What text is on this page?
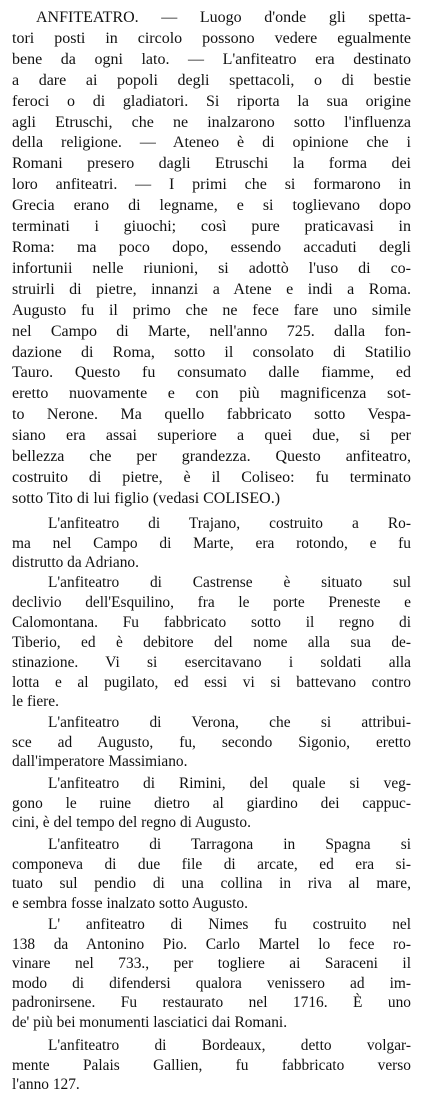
ANFITEATRO. — Luogo d'onde gli spetta-
tori posti in circolo possono vedere egualmente
bene da ogni lato. — L'anfiteatro era destinato
a dare ai popoli degli spettacoli, o di bestie
feroci o di gladiatori. Si riporta la sua origine
agli Etruschi, che ne inalzarono sotto l'influenza
della religione. — Ateneo è di opinione che i
Romani presero dagli Etruschi la forma dei
loro anfiteatri. — I primi che si formarono in
Grecia erano di legname, e si toglievano dopo
terminati i giuochi; così pure praticavasi in
Roma: ma poco dopo, essendo accaduti degli
infortunii nelle riunioni, si adottò l'uso di co-
struirli di pietre, innanzi a Atene e indi a Roma.
Augusto fu il primo che ne fece fare uno simile
nel Campo di Marte, nell'anno 725. dalla fon-
dazione di Roma, sotto il consolato di Statilio
Tauro. Questo fu consumato dalle fiamme, ed
eretto nuovamente e con più magnificenza sot-
to Nerone. Ma quello fabbricato sotto Vespa-
siano era assai superiore a quei due, si per
bellezza che per grandezza. Questo anfiteatro,
costruito di pietre, è il Coliseo: fu terminato
sotto Tito di lui figlio (vedasi COLISEO.)
L'anfiteatro di Trajano, costruito a Ro-
ma nel Campo di Marte, era rotondo, e fu
distrutto da Adriano.
L'anfiteatro di Castrense è situato sul
declivio dell'Esquilino, fra le porte Preneste e
Calomontana. Fu fabbricato sotto il regno di
Tiberio, ed è debitore del nome alla sua de-
stinazione. Vi si esercitavano i soldati alla
lotta e al pugilato, ed essi vi si battevano contro
le fiere.
L'anfiteatro di Verona, che si attribui-
sce ad Augusto, fu, secondo Sigonio, eretto
dall'imperatore Massimiano.
L'anfiteatro di Rimini, del quale si veg-
gono le ruine dietro al giardino dei cappuc-
cini, è del tempo del regno di Augusto.
L'anfiteatro di Tarragona in Spagna si
componeva di due file di arcate, ed era si-
tuato sul pendio di una collina in riva al mare,
e sembra fosse inalzato sotto Augusto.
L' anfiteatro di Nimes fu costruito nel
138 da Antonino Pio. Carlo Martel lo fece ro-
vinare nel 733., per togliere ai Saraceni il
modo di difendersi qualora venissero ad im-
padronirsene. Fu restaurato nel 1716. È uno
de' più bei monumenti lasciatici dai Romani.
L'anfiteatro di Bordeaux, detto volgar-
mente Palais Gallien, fu fabbricato verso
l'anno 127.
